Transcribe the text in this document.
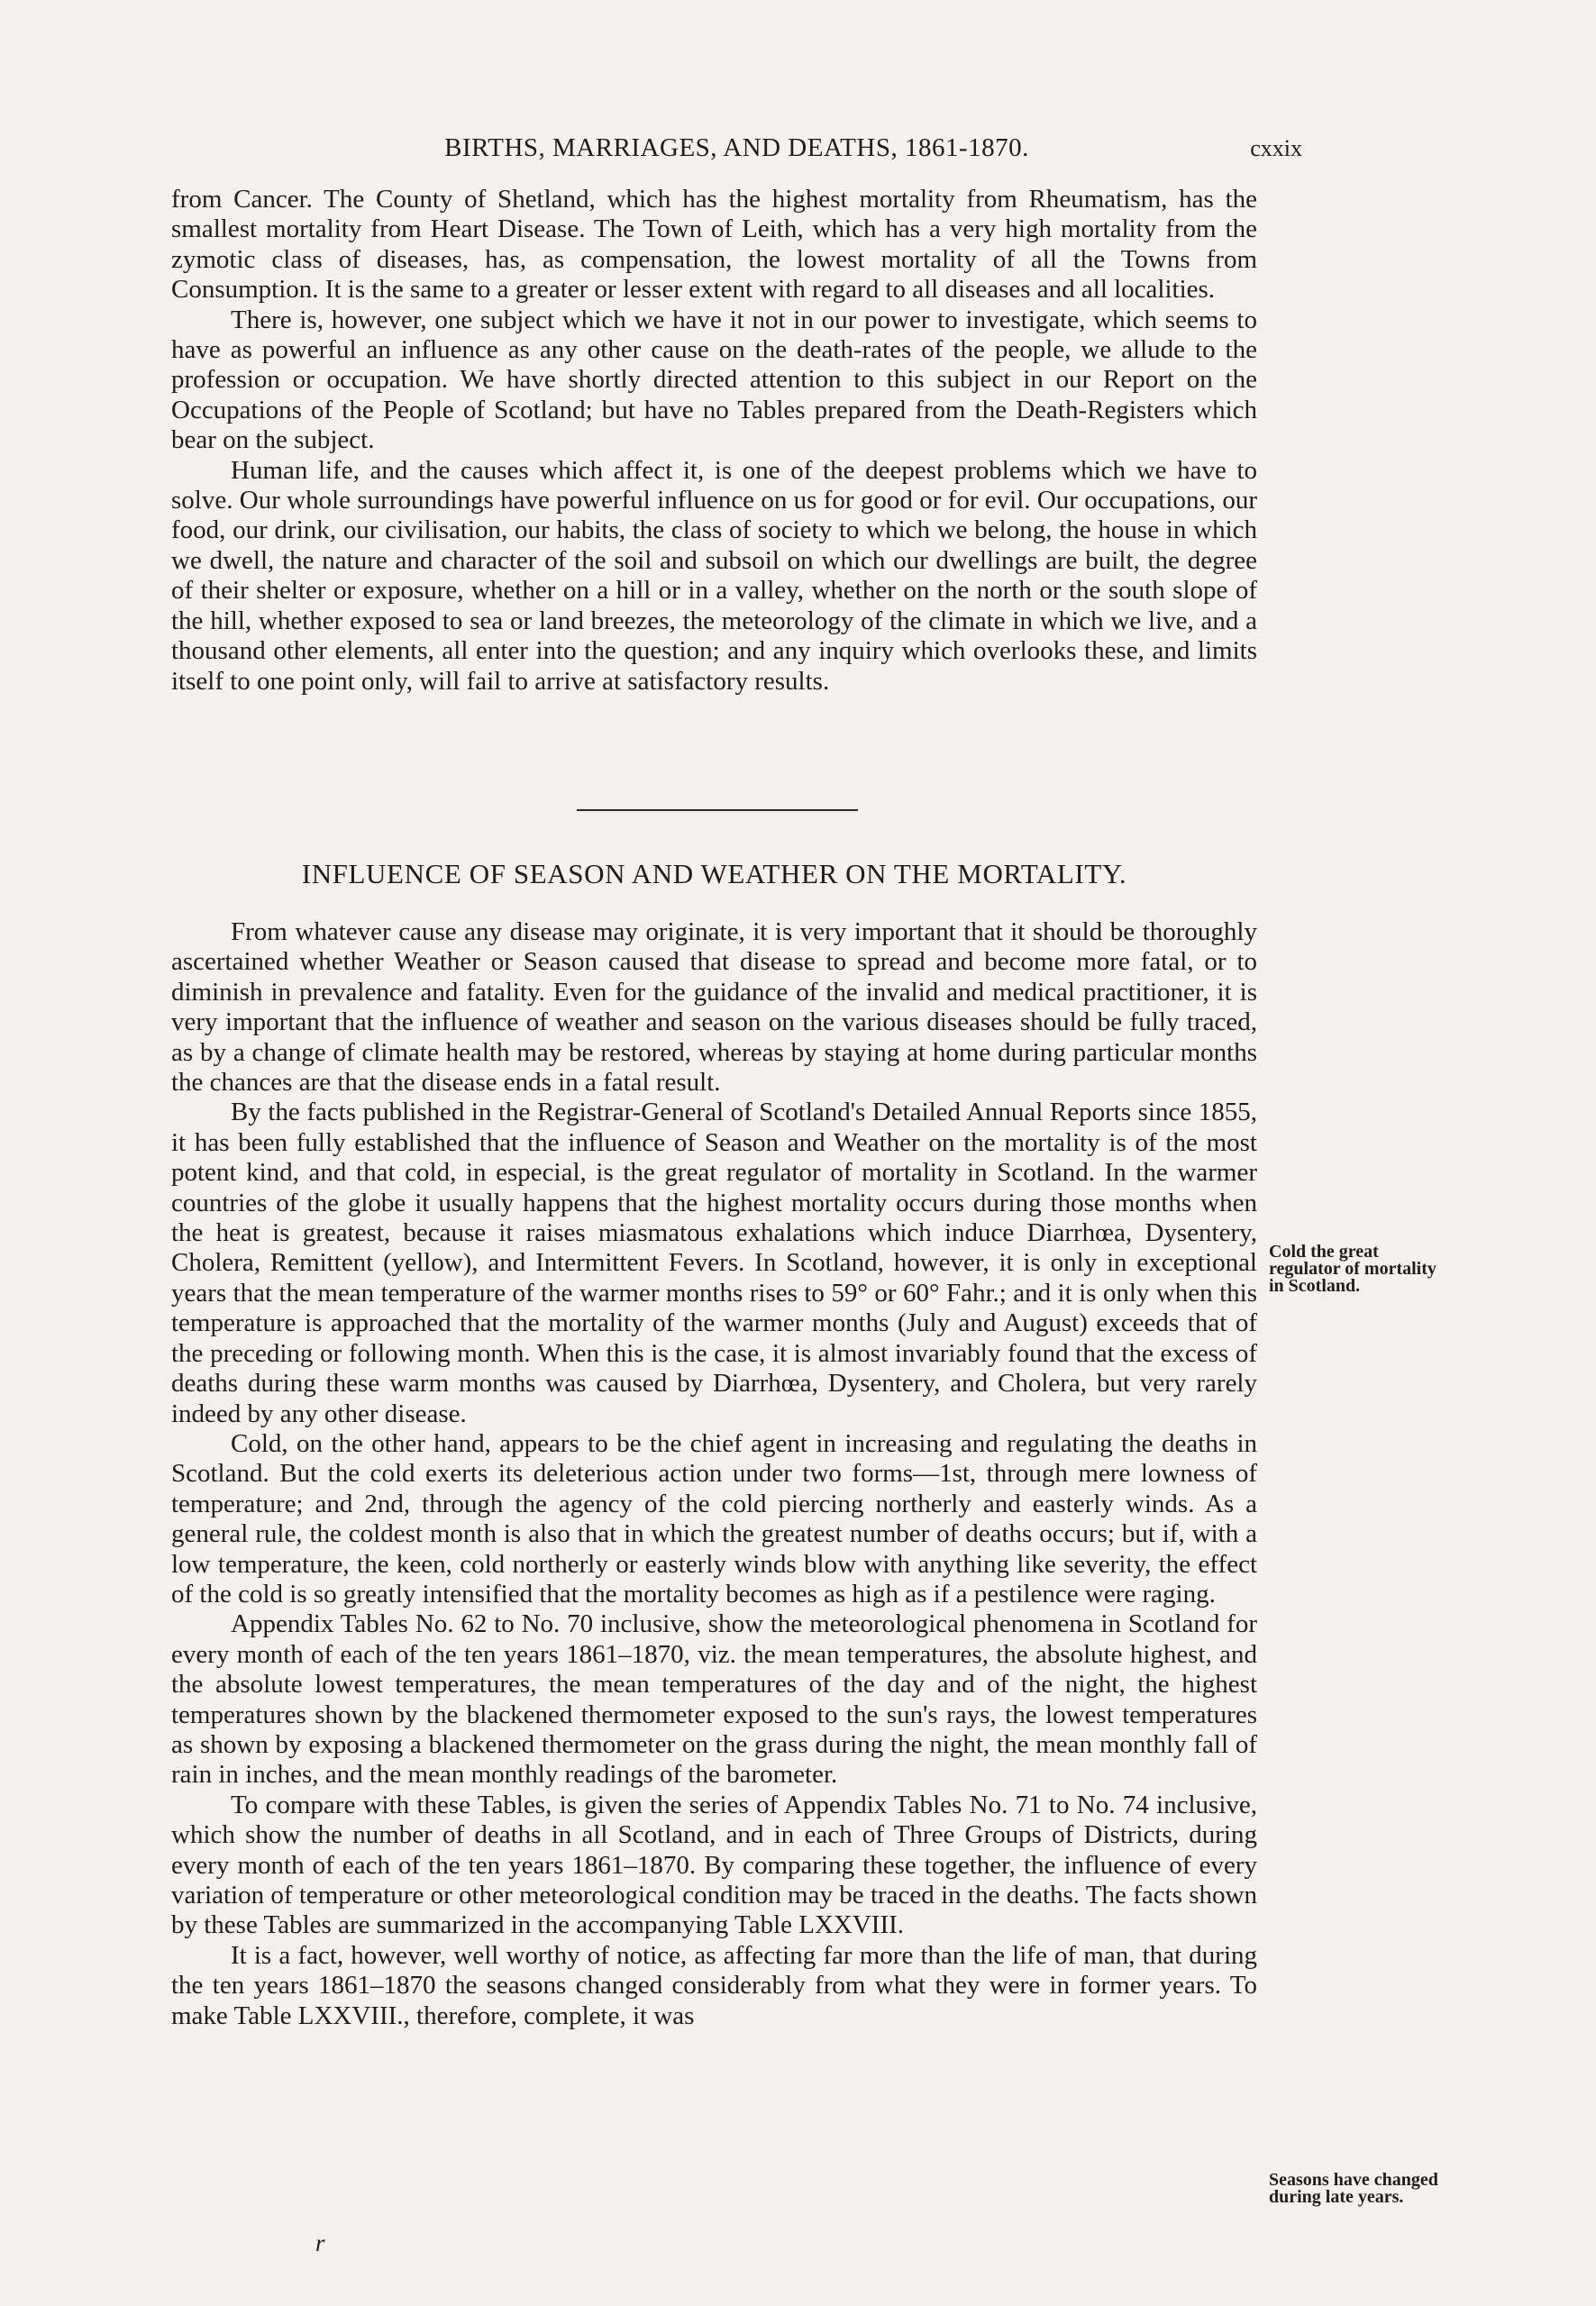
BIRTHS, MARRIAGES, AND DEATHS, 1861-1870.	cxxix

from Cancer. The County of Shetland, which has the highest mortality from Rheumatism, has the smallest mortality from Heart Disease. The Town of Leith, which has a very high mortality from the zymotic class of diseases, has, as compensation, the lowest mortality of all the Towns from Consumption. It is the same to a greater or lesser extent with regard to all diseases and all localities.

There is, however, one subject which we have it not in our power to investigate, which seems to have as powerful an influence as any other cause on the death-rates of the people, we allude to the profession or occupation. We have shortly directed attention to this subject in our Report on the Occupations of the People of Scotland; but have no Tables prepared from the Death-Registers which bear on the subject.

Human life, and the causes which affect it, is one of the deepest problems which we have to solve. Our whole surroundings have powerful influence on us for good or for evil. Our occupations, our food, our drink, our civilisation, our habits, the class of society to which we belong, the house in which we dwell, the nature and character of the soil and subsoil on which our dwellings are built, the degree of their shelter or exposure, whether on a hill or in a valley, whether on the north or the south slope of the hill, whether exposed to sea or land breezes, the meteorology of the climate in which we live, and a thousand other elements, all enter into the question; and any inquiry which overlooks these, and limits itself to one point only, will fail to arrive at satisfactory results.

INFLUENCE OF SEASON AND WEATHER ON THE MORTALITY.

From whatever cause any disease may originate, it is very important that it should be thoroughly ascertained whether Weather or Season caused that disease to spread and become more fatal, or to diminish in prevalence and fatality. Even for the guidance of the invalid and medical practitioner, it is very important that the influence of weather and season on the various diseases should be fully traced, as by a change of climate health may be restored, whereas by staying at home during particular months the chances are that the disease ends in a fatal result.

By the facts published in the Registrar-General of Scotland's Detailed Annual Reports since 1855, it has been fully established that the influence of Season and Weather on the mortality is of the most potent kind, and that cold, in especial, is the great regulator of mortality in Scotland. In the warmer countries of the globe it usually happens that the highest mortality occurs during those months when the heat is greatest, because it raises miasmatous exhalations which induce Diarrhœa, Dysentery, Cholera, Remittent (yellow), and Intermittent Fevers. In Scotland, however, it is only in exceptional years that the mean temperature of the warmer months rises to 59° or 60° Fahr.; and it is only when this temperature is approached that the mortality of the warmer months (July and August) exceeds that of the preceding or following month. When this is the case, it is almost invariably found that the excess of deaths during these warm months was caused by Diarrhœa, Dysentery, and Cholera, but very rarely indeed by any other disease.

Cold, on the other hand, appears to be the chief agent in increasing and regulating the deaths in Scotland. But the cold exerts its deleterious action under two forms—1st, through mere lowness of temperature; and 2nd, through the agency of the cold piercing northerly and easterly winds. As a general rule, the coldest month is also that in which the greatest number of deaths occurs; but if, with a low temperature, the keen, cold northerly or easterly winds blow with anything like severity, the effect of the cold is so greatly intensified that the mortality becomes as high as if a pestilence were raging.

Appendix Tables No. 62 to No. 70 inclusive, show the meteorological phenomena in Scotland for every month of each of the ten years 1861–1870, viz. the mean temperatures, the absolute highest, and the absolute lowest temperatures, the mean temperatures of the day and of the night, the highest temperatures shown by the blackened thermometer exposed to the sun's rays, the lowest temperatures as shown by exposing a blackened thermometer on the grass during the night, the mean monthly fall of rain in inches, and the mean monthly readings of the barometer.

To compare with these Tables, is given the series of Appendix Tables No. 71 to No. 74 inclusive, which show the number of deaths in all Scotland, and in each of Three Groups of Districts, during every month of each of the ten years 1861–1870. By comparing these together, the influence of every variation of temperature or other meteorological condition may be traced in the deaths. The facts shown by these Tables are summarized in the accompanying Table LXXVIII.

It is a fact, however, well worthy of notice, as affecting far more than the life of man, that during the ten years 1861–1870 the seasons changed considerably from what they were in former years. To make Table LXXVIII., therefore, complete, it was

Cold the great regulator of mortality in Scotland.
Seasons have changed during late years.
r
